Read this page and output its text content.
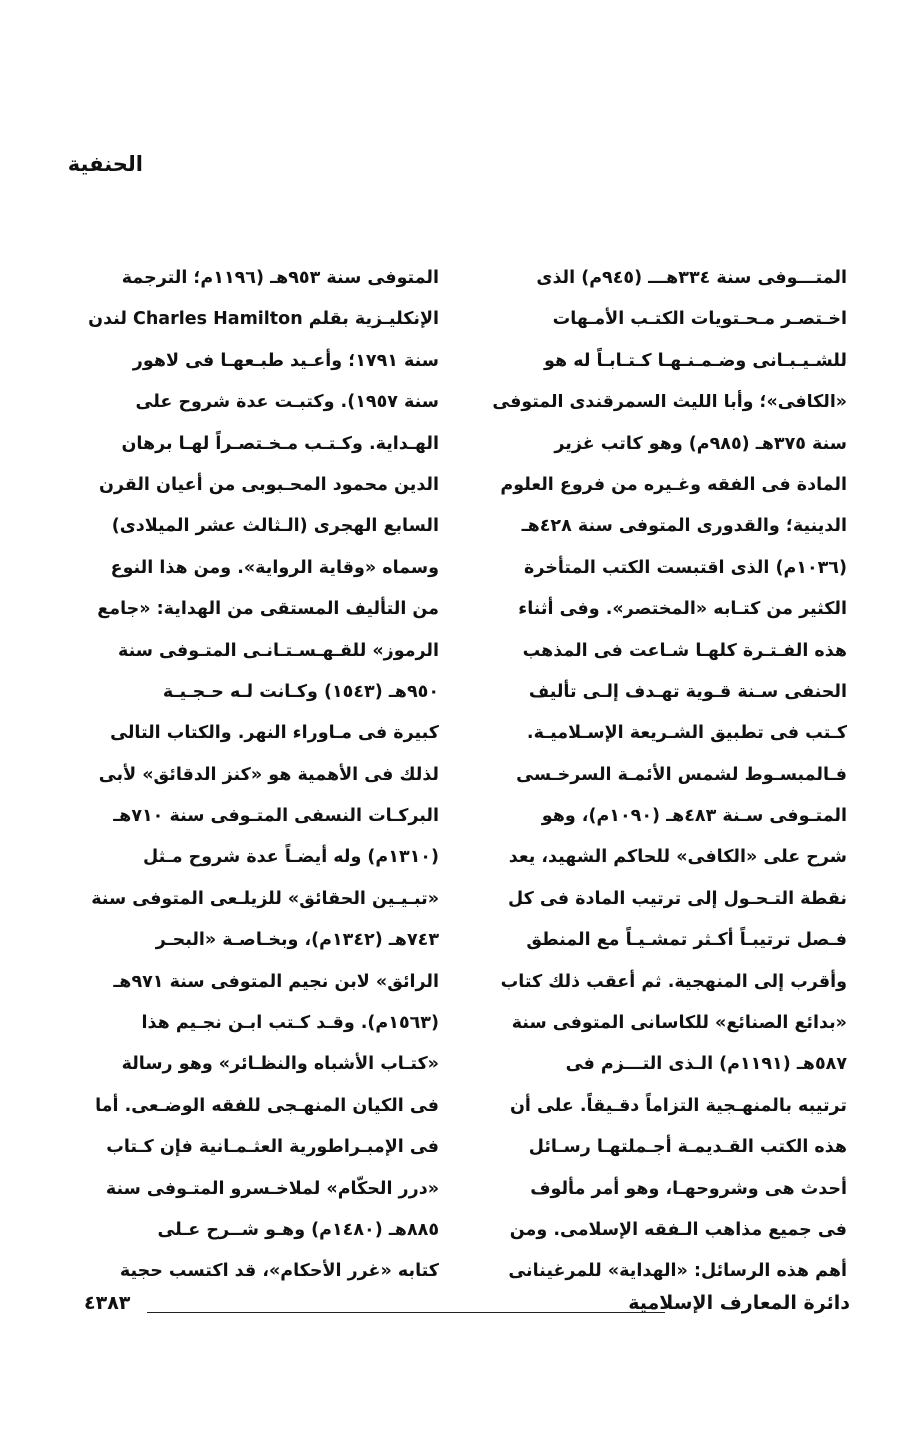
الحنفية
المتـــوفى سنة ٣٣٤هـــ (٩٤٥م) الذى
اخـتصـر مـحـتويات الكتـب الأمـهات
للشـيـبـانى وضـمـنـهـا كـتـابـاً له هو
«الكافى»؛ وأبا الليث السمرقندى المتوفى
سنة ٣٧٥هـ (٩٨٥م) وهو كاتب غزير
المادة فى الفقه وغـيره من فروع العلوم
الدينية؛ والقدورى المتوفى سنة ٤٢٨هـ
(١٠٣٦م) الذى اقتبست الكتب المتأخرة
الكثير من كتـابه «المختصر». وفى أثناء
هذه الفـتـرة كلهـا شـاعت فى المذهب
الحنفى سـنة قـوية تهـدف إلـى تأليف
كـتب فى تطبيق الشـريعة الإسـلاميـة.
فـالمبسـوط لشمس الأئمـة السرخـسى
المتـوفى سـنة ٤٨٣هـ (١٠٩٠م)، وهو
شرح على «الكافى» للحاكم الشهيد، يعد
نقطة التـحـول إلى ترتيب المادة فى كل
فـصل ترتيبـاً أكـثر تمشـيـاً مع المنطق
وأقرب إلى المنهجية. ثم أعقب ذلك كتاب
«بدائع الصنائع» للكاسانى المتوفى سنة
٥٨٧هـ (١١٩١م) الـذى التـــزم فى
ترتيبه بالمنهـجية التزاماً دقـيقاً. على أن
هذه الكتب القـديمـة أجـملتهـا رسـائل
أحدث هى وشروحهـا، وهو أمر مألوف
فى جميع مذاهب الـفقه الإسلامى. ومن
أهم هذه الرسائل: «الهداية» للمرغينانى
المتوفى سنة ٩٥٣هـ (١١٩٦م؛ الترجمة
الإنكليـزية بقلم Charles Hamilton لندن
سنة ١٧٩١؛ وأعـيد طبـعهـا فى لاهور
سنة ١٩٥٧). وكتبـت عدة شروح على
الهـداية. وكـتـب مـخـتصـراً لهـا برهان
الدين محمود المحـبوبى من أعيان القرن
السابع الهجرى (الـثالث عشر الميلادى)
وسماه «وقاية الرواية». ومن هذا النوع
من التأليف المستقى من الهداية: «جامع
الرموز» للقـهـسـتـانـى المتـوفى سنة
٩٥٠هـ (١٥٤٣) وكـانت لـه حـجـيـة
كبيرة فى مـاوراء النهر. والكتاب التالى
لذلك فى الأهمية هو «كنز الدقائق» لأبى
البركـات النسفى المتـوفى سنة ٧١٠هـ
(١٣١٠م) وله أيضـاً عدة شروح مـثل
«تبـيـين الحقائق» للزيلـعى المتوفى سنة
٧٤٣هـ (١٣٤٢م)، وبخـاصـة «البحـر
الرائق» لابن نجيم المتوفى سنة ٩٧١هـ
(١٥٦٣م). وقـد كـتب ابـن نجـيم هذا
«كتـاب الأشباه والنظـائر» وهو رسالة
فى الكيان المنهـجى للفقه الوضـعى. أما
فى الإمبـراطورية العثـمـانية فإن كـتاب
«درر الحكّام» لملاخـسرو المتـوفى سنة
٨٨٥هـ (١٤٨٠م) وهـو شــرح عـلى
كتابه «غرر الأحكام»، قد اكتسب حجية
دائرة المعارف الإسلامية
٤٣٨٣
